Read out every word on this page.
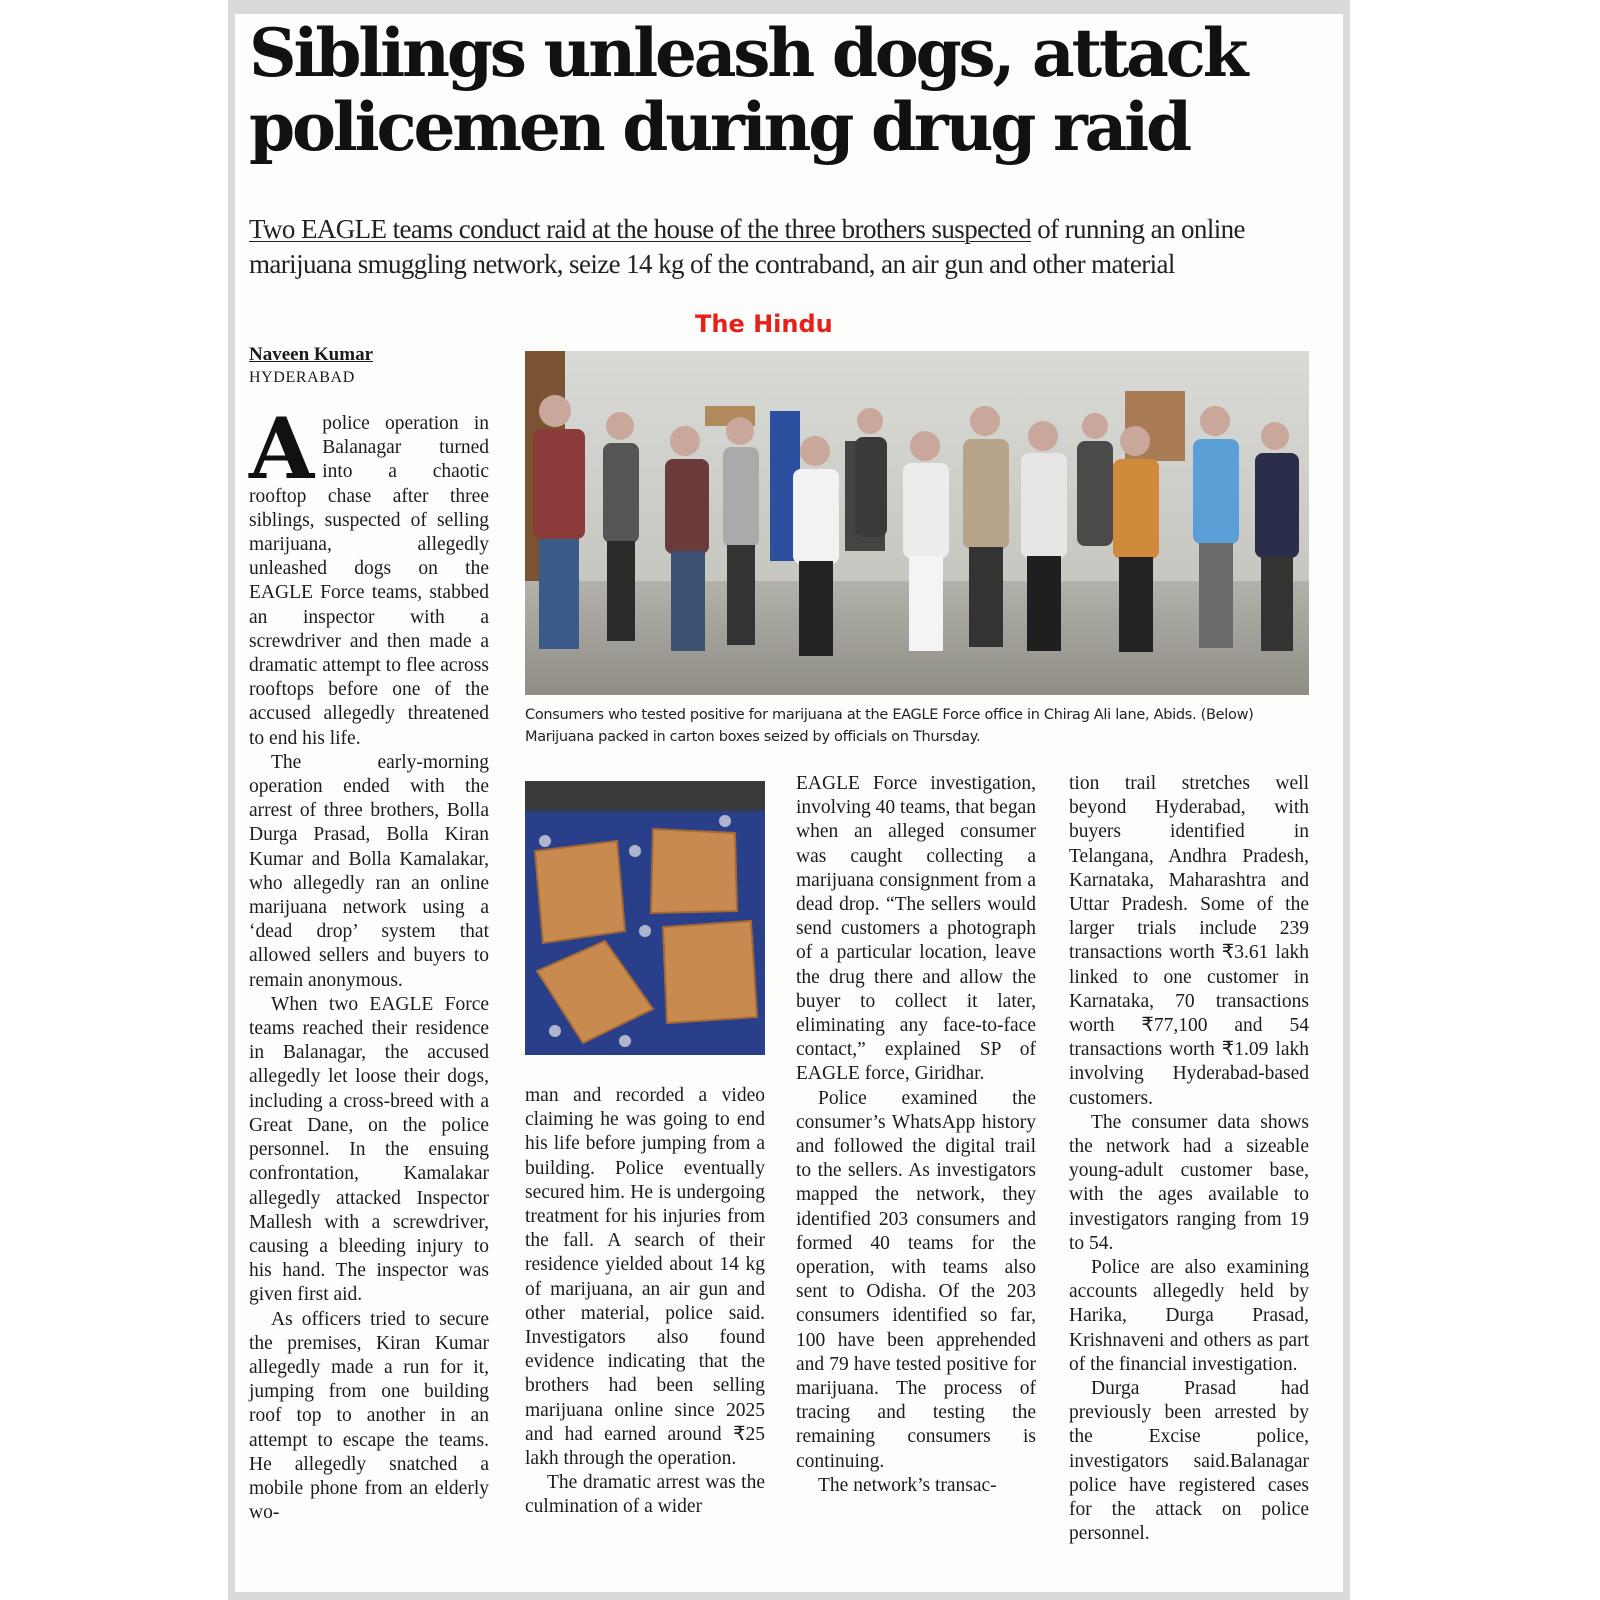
Siblings unleash dogs, attack policemen during drug raid
Two EAGLE teams conduct raid at the house of the three brothers suspected of running an online marijuana smuggling network, seize 14 kg of the contraband, an air gun and other material
The Hindu
Naveen Kumar
HYDERABAD

Apolice operation in Balanagar turned into a chaotic rooftop chase after three siblings, suspected of selling marijuana, allegedly unleashed dogs on the EAGLE Force teams, stabbed an inspector with a screwdriver and then made a dramatic attempt to flee across rooftops before one of the accused allegedly threatened to end his life.

The early-morning operation ended with the arrest of three brothers, Bolla Durga Prasad, Bolla Kiran Kumar and Bolla Kamalakar, who allegedly ran an online marijuana network using a ‘dead drop’ system that allowed sellers and buyers to remain anonymous.

When two EAGLE Force teams reached their residence in Balanagar, the accused allegedly let loose their dogs, including a cross-breed with a Great Dane, on the police personnel. In the ensuing confrontation, Kamalakar allegedly attacked Inspector Mallesh with a screwdriver, causing a bleeding injury to his hand. The inspector was given first aid.

As officers tried to secure the premises, Kiran Kumar allegedly made a run for it, jumping from one building roof top to another in an attempt to escape the teams. He allegedly snatched a mobile phone from an elderly wo-

Consumers who tested positive for marijuana at the EAGLE Force office in Chirag Ali lane, Abids. (Below) Marijuana packed in carton boxes seized by officials on Thursday.

man and recorded a video claiming he was going to end his life before jumping from a building. Police eventually secured him. He is undergoing treatment for his injuries from the fall. A search of their residence yielded about 14 kg of marijuana, an air gun and other material, police said. Investigators also found evidence indicating that the brothers had been selling marijuana online since 2025 and had earned around ₹25 lakh through the operation.

The dramatic arrest was the culmination of a wider

EAGLE Force investigation, involving 40 teams, that began when an alleged consumer was caught collecting a marijuana consignment from a dead drop. “The sellers would send customers a photograph of a particular location, leave the drug there and allow the buyer to collect it later, eliminating any face-to-face contact,” explained SP of EAGLE force, Giridhar.

Police examined the consumer’s WhatsApp history and followed the digital trail to the sellers. As investigators mapped the network, they identified 203 consumers and formed 40 teams for the operation, with teams also sent to Odisha. Of the 203 consumers identified so far, 100 have been apprehended and 79 have tested positive for marijuana. The process of tracing and testing the remaining consumers is continuing.

The network’s transac-

tion trail stretches well beyond Hyderabad, with buyers identified in Telangana, Andhra Pradesh, Karnataka, Maharashtra and Uttar Pradesh. Some of the larger trials include 239 transactions worth ₹3.61 lakh linked to one customer in Karnataka, 70 transactions worth ₹77,100 and 54 transactions worth ₹1.09 lakh involving Hyderabad-based customers.

The consumer data shows the network had a sizeable young-adult customer base, with the ages available to investigators ranging from 19 to 54.

Police are also examining accounts allegedly held by Harika, Durga Prasad, Krishnaveni and others as part of the financial investigation.

Durga Prasad had previously been arrested by the Excise police, investigators said.Balanagar police have registered cases for the attack on police personnel.
